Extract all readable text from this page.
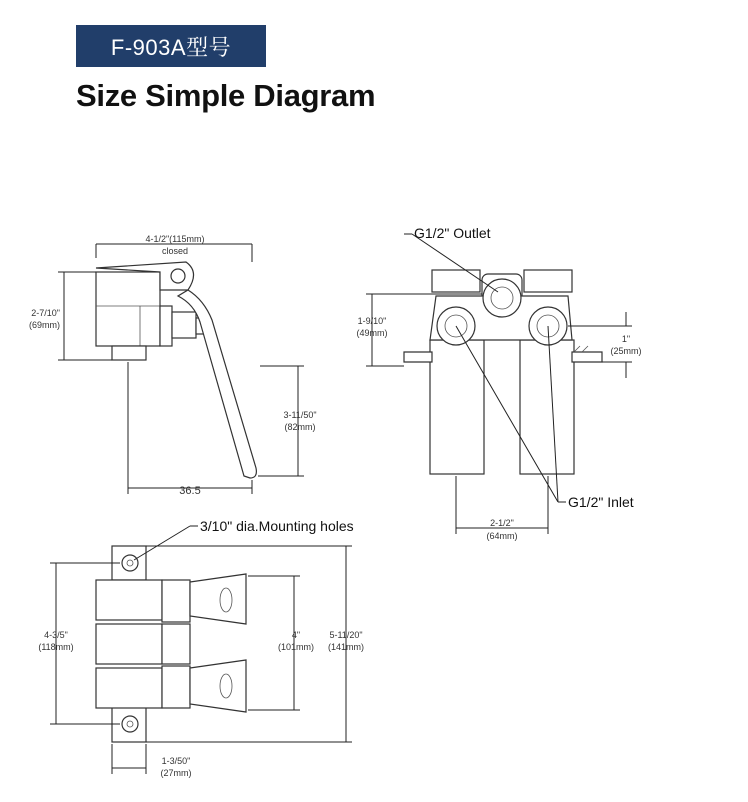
F-903A型号
Size Simple Diagram
4-1/2"(115mm)
closed
2-7/10"
(69mm)
3-11/50"
(82mm)
36.5
G1/2" Outlet
G1/2" Inlet
1-9/10"
(49mm)
1"
(25mm)
2-1/2"
(64mm)
3/10" dia.Mounting holes
4-3/5"
(118mm)
4"
(101mm)
5-11/20"
(141mm)
1-3/50"
(27mm)
